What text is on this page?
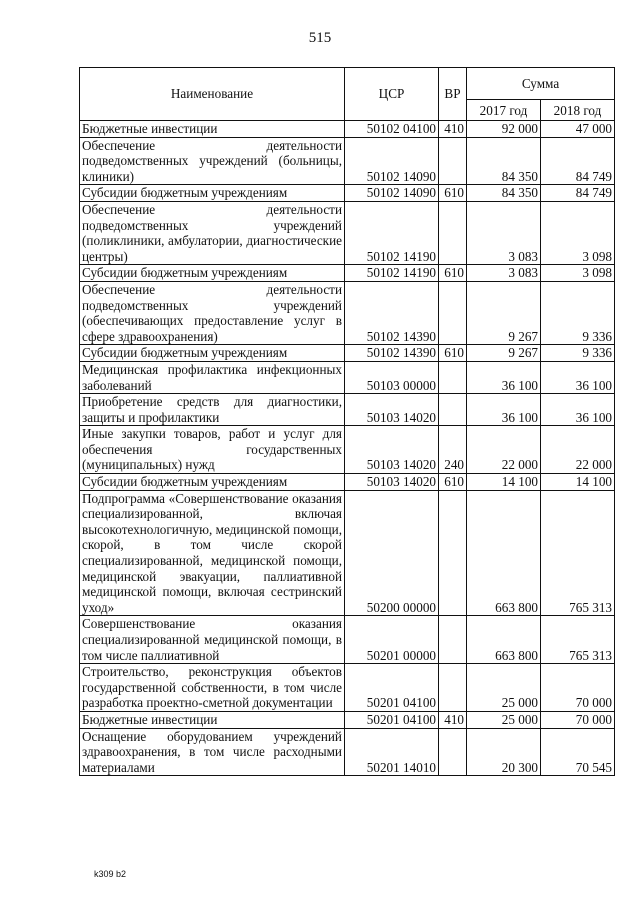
515
Наименование	ЦСР	ВР	Сумма	
			2017 год	2018 год
Бюджетные инвестиции	50102 04100	410	92 000	47 000
Обеспечение деятельности подведомственных учреждений (больницы, клиники)	50102 14090		84 350	84 749
Субсидии бюджетным учреждениям	50102 14090	610	84 350	84 749
Обеспечение деятельности подведомственных учреждений (поликлиники, амбулатории, диагностические центры)	50102 14190		3 083	3 098
Субсидии бюджетным учреждениям	50102 14190	610	3 083	3 098
Обеспечение деятельности подведомственных учреждений (обеспечивающих предоставление услуг в сфере здравоохранения)	50102 14390		9 267	9 336
Субсидии бюджетным учреждениям	50102 14390	610	9 267	9 336
Медицинская профилактика инфекционных заболеваний	50103 00000		36 100	36 100
Приобретение средств для диагностики, защиты и профилактики	50103 14020		36 100	36 100
Иные закупки товаров, работ и услуг для обеспечения государственных (муниципальных) нужд	50103 14020	240	22 000	22 000
Субсидии бюджетным учреждениям	50103 14020	610	14 100	14 100
Подпрограмма «Совершенствование оказания специализированной, включая высокотехнологичную, медицинской помощи, скорой, в том числе скорой специализированной, медицинской помощи, медицинской эвакуации, паллиативной медицинской помощи, включая сестринский уход»	50200 00000		663 800	765 313
Совершенствование оказания специализированной медицинской помощи, в том числе паллиативной	50201 00000		663 800	765 313
Строительство, реконструкция объектов государственной собственности, в том числе разработка проектно-сметной документации	50201 04100		25 000	70 000
Бюджетные инвестиции	50201 04100	410	25 000	70 000
Оснащение оборудованием учреждений здравоохранения, в том числе расходными материалами	50201 14010		20 300	70 545
k309 b2
